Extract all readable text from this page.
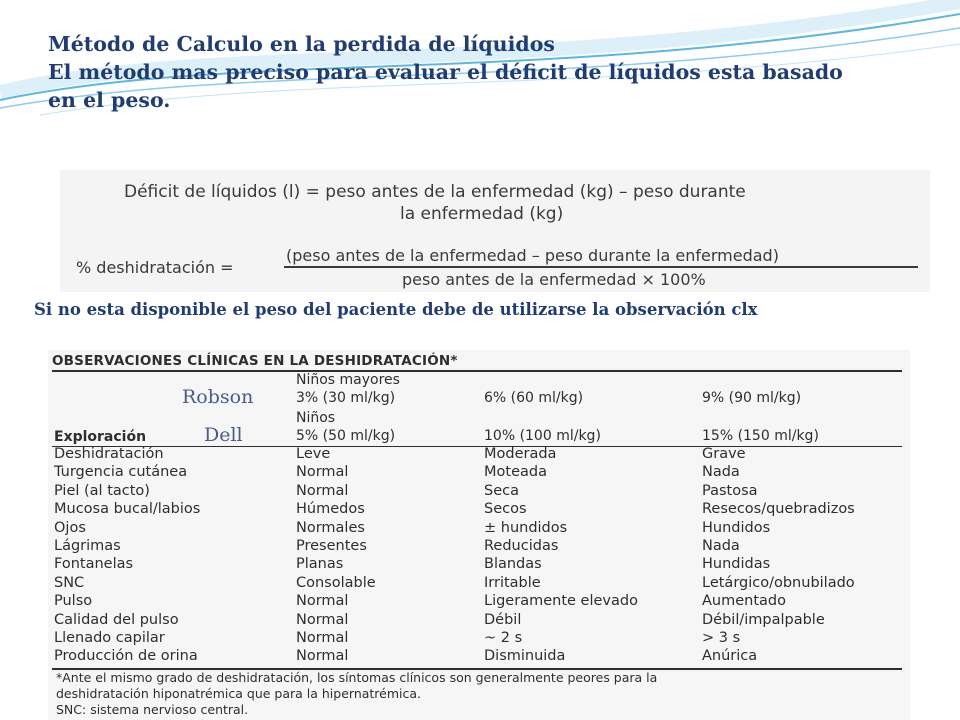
Método de Calculo en la perdida de líquidos
El método mas preciso para evaluar el déficit de líquidos esta basado
en el peso.
Déficit de líquidos (l) = peso antes de la enfermedad (kg) – peso durante
la enfermedad (kg)
% deshidratación =
(peso antes de la enfermedad – peso durante la enfermedad)
peso antes de la enfermedad × 100%
Si no esta disponible el peso del paciente debe de utilizarse la observación clx
OBSERVACIONES CLÍNICAS EN LA DESHIDRATACIÓN*
Niños mayores
3% (30 ml/kg)	6% (60 ml/kg)	9% (90 ml/kg)
Niños
Exploración	5% (50 ml/kg)	10% (100 ml/kg)	15% (150 ml/kg)
Robson
Dell
Deshidratación	Leve	Moderada	Grave
Turgencia cutánea	Normal	Moteada	Nada
Piel (al tacto)	Normal	Seca	Pastosa
Mucosa bucal/labios	Húmedos	Secos	Resecos/quebradizos
Ojos	Normales	± hundidos	Hundidos
Lágrimas	Presentes	Reducidas	Nada
Fontanelas	Planas	Blandas	Hundidas
SNC	Consolable	Irritable	Letárgico/obnubilado
Pulso	Normal	Ligeramente elevado	Aumentado
Calidad del pulso	Normal	Débil	Débil/impalpable
Llenado capilar	Normal	~ 2 s	> 3 s
Producción de orina	Normal	Disminuida	Anúrica
*Ante el mismo grado de deshidratación, los síntomas clínicos son generalmente peores para la
deshidratación hiponatrémica que para la hipernatrémica.
SNC: sistema nervioso central.
